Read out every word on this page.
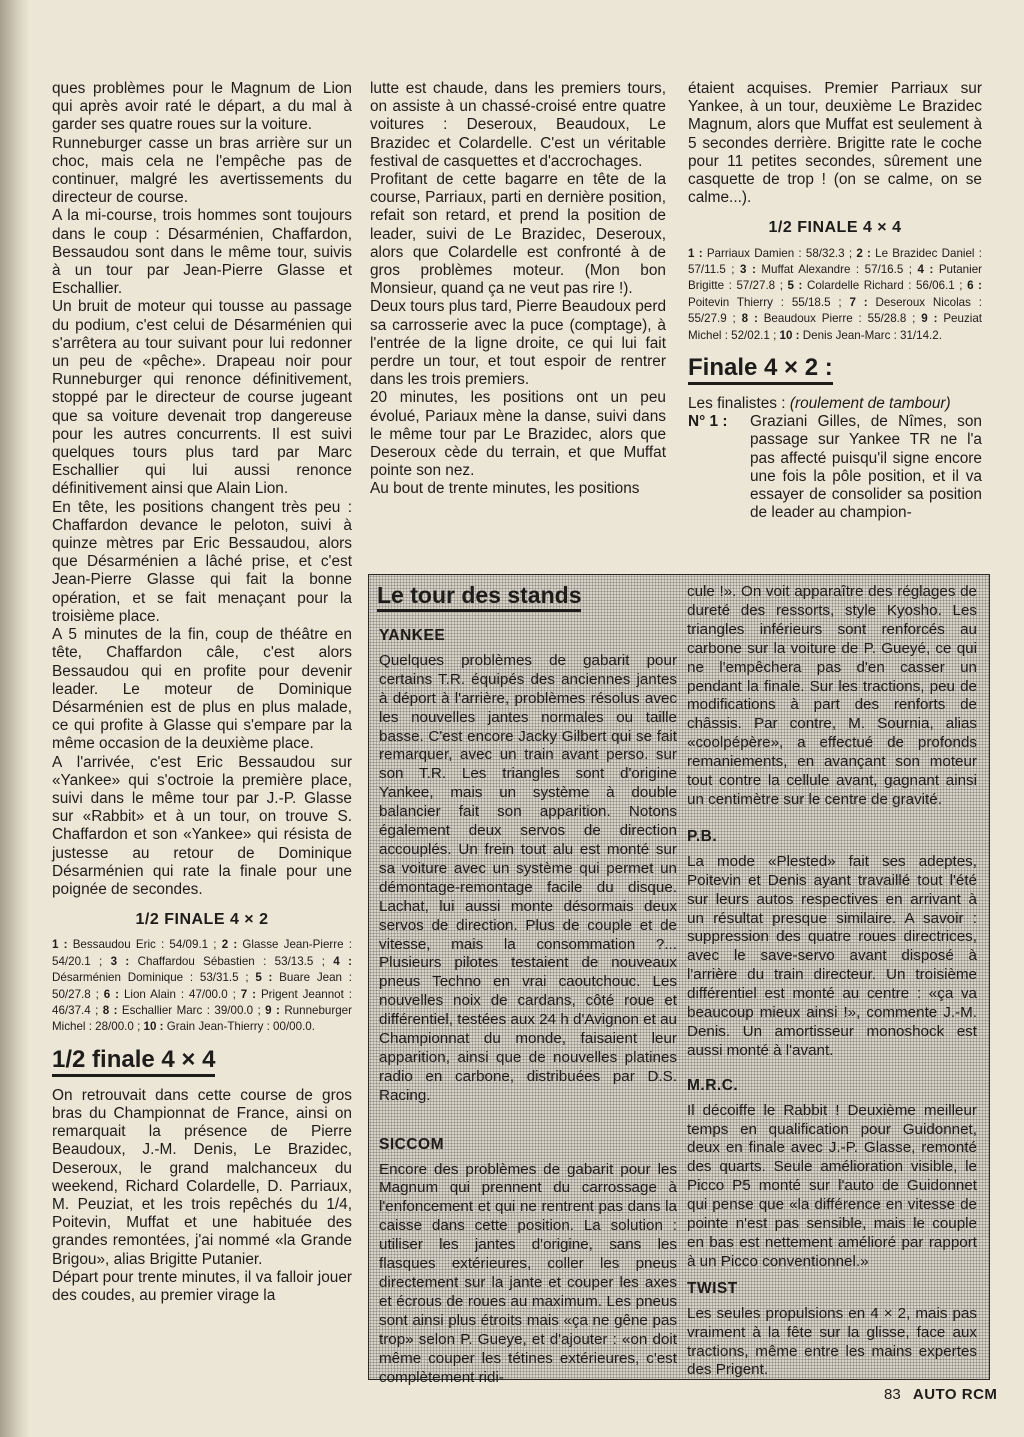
ques problèmes pour le Magnum de Lion qui après avoir raté le départ, a du mal à garder ses quatre roues sur la voiture.

Runneburger casse un bras arrière sur un choc, mais cela ne l'empêche pas de continuer, malgré les avertissements du directeur de course.

A la mi-course, trois hommes sont toujours dans le coup : Désarménien, Chaffardon, Bessaudou sont dans le même tour, suivis à un tour par Jean-Pierre Glasse et Eschallier.

Un bruit de moteur qui tousse au passage du podium, c'est celui de Désarménien qui s'arrêtera au tour suivant pour lui redonner un peu de «pêche». Drapeau noir pour Runneburger qui renonce définitivement, stoppé par le directeur de course jugeant que sa voiture devenait trop dangereuse pour les autres concurrents. Il est suivi quelques tours plus tard par Marc Eschallier qui lui aussi renonce définitivement ainsi que Alain Lion.

En tête, les positions changent très peu : Chaffardon devance le peloton, suivi à quinze mètres par Eric Bessaudou, alors que Désarménien a lâché prise, et c'est Jean-Pierre Glasse qui fait la bonne opération, et se fait menaçant pour la troisième place.

A 5 minutes de la fin, coup de théâtre en tête, Chaffardon câle, c'est alors Bessaudou qui en profite pour devenir leader. Le moteur de Dominique Désarménien est de plus en plus malade, ce qui profite à Glasse qui s'empare par la même occasion de la deuxième place.

A l'arrivée, c'est Eric Bessaudou sur «Yankee» qui s'octroie la première place, suivi dans le même tour par J.-P. Glasse sur «Rabbit» et à un tour, on trouve S. Chaffardon et son «Yankee» qui résista de justesse au retour de Dominique Désarménien qui rate la finale pour une poignée de secondes.

1/2 FINALE 4 × 2

1 : Bessaudou Eric : 54/09.1 ; 2 : Glasse Jean-Pierre : 54/20.1 ; 3 : Chaffardou Sébastien : 53/13.5 ; 4 : Désarménien Dominique : 53/31.5 ; 5 : Buare Jean : 50/27.8 ; 6 : Lion Alain : 47/00.0 ; 7 : Prigent Jeannot : 46/37.4 ; 8 : Eschallier Marc : 39/00.0 ; 9 : Runneburger Michel : 28/00.0 ; 10 : Grain Jean-Thierry : 00/00.0.

1/2 finale 4 × 4

On retrouvait dans cette course de gros bras du Championnat de France, ainsi on remarquait la présence de Pierre Beaudoux, J.-M. Denis, Le Brazidec, Deseroux, le grand malchanceux du weekend, Richard Colardelle, D. Parriaux, M. Peuziat, et les trois repêchés du 1/4, Poitevin, Muffat et une habituée des grandes remontées, j'ai nommé «la Grande Brigou», alias Brigitte Putanier.

Départ pour trente minutes, il va falloir jouer des coudes, au premier virage la

lutte est chaude, dans les premiers tours, on assiste à un chassé-croisé entre quatre voitures : Deseroux, Beaudoux, Le Brazidec et Colardelle. C'est un véritable festival de casquettes et d'accrochages.

Profitant de cette bagarre en tête de la course, Parriaux, parti en dernière position, refait son retard, et prend la position de leader, suivi de Le Brazidec, Deseroux, alors que Colardelle est confronté à de gros problèmes moteur. (Mon bon Monsieur, quand ça ne veut pas rire !).

Deux tours plus tard, Pierre Beaudoux perd sa carrosserie avec la puce (comptage), à l'entrée de la ligne droite, ce qui lui fait perdre un tour, et tout espoir de rentrer dans les trois premiers.

20 minutes, les positions ont un peu évolué, Pariaux mène la danse, suivi dans le même tour par Le Brazidec, alors que Deseroux cède du terrain, et que Muffat pointe son nez.

Au bout de trente minutes, les positions

étaient acquises. Premier Parriaux sur Yankee, à un tour, deuxième Le Brazidec Magnum, alors que Muffat est seulement à 5 secondes derrière. Brigitte rate le coche pour 11 petites secondes, sûrement une casquette de trop ! (on se calme, on se calme...).

1/2 FINALE 4 × 4

1 : Parriaux Damien : 58/32.3 ; 2 : Le Brazidec Daniel : 57/11.5 ; 3 : Muffat Alexandre : 57/16.5 ; 4 : Putanier Brigitte : 57/27.8 ; 5 : Colardelle Richard : 56/06.1 ; 6 : Poitevin Thierry : 55/18.5 ; 7 : Deseroux Nicolas : 55/27.9 ; 8 : Beaudoux Pierre : 55/28.8 ; 9 : Peuziat Michel : 52/02.1 ; 10 : Denis Jean-Marc : 31/14.2.

Finale 4 × 2 :

Les finalistes : (roulement de tambour)

N° 1 :	Graziani Gilles, de Nîmes, son passage sur Yankee TR ne l'a pas affecté puisqu'il signe encore une fois la pôle position, et il va essayer de consolider sa position de leader au champion-
Le tour des stands
YANKEE

Quelques problèmes de gabarit pour certains T.R. équipés des anciennes jantes à déport à l'arrière, problèmes résolus avec les nouvelles jantes normales ou taille basse. C'est encore Jacky Gilbert qui se fait remarquer, avec un train avant perso. sur son T.R. Les triangles sont d'origine Yankee, mais un système à double balancier fait son apparition. Notons également deux servos de direction accouplés. Un frein tout alu est monté sur sa voiture avec un système qui permet un démontage-remontage facile du disque. Lachat, lui aussi monte désormais deux servos de direction. Plus de couple et de vitesse, mais la consommation ?... Plusieurs pilotes testaient de nouveaux pneus Techno en vrai caoutchouc. Les nouvelles noix de cardans, côté roue et différentiel, testées aux 24 h d'Avignon et au Championnat du monde, faisaient leur apparition, ainsi que de nouvelles platines radio en carbone, distribuées par D.S. Racing.

SICCOM

Encore des problèmes de gabarit pour les Magnum qui prennent du carrossage à l'enfoncement et qui ne rentrent pas dans la caisse dans cette position. La solution : utiliser les jantes d'origine, sans les flasques extérieures, coller les pneus directement sur la jante et couper les axes et écrous de roues au maximum. Les pneus sont ainsi plus étroits mais «ça ne gêne pas trop» selon P. Gueye, et d'ajouter : «on doit même couper les tétines extérieures, c'est complètement ridi-

cule !». On voit apparaître des réglages de dureté des ressorts, style Kyosho. Les triangles inférieurs sont renforcés au carbone sur la voiture de P. Gueyé, ce qui ne l'empêchera pas d'en casser un pendant la finale. Sur les tractions, peu de modifications à part des renforts de châssis. Par contre, M. Sournia, alias «coolpépère», a effectué de profonds remaniements, en avançant son moteur tout contre la cellule avant, gagnant ainsi un centimètre sur le centre de gravité.

P.B.

La mode «Plested» fait ses adeptes, Poitevin et Denis ayant travaillé tout l'été sur leurs autos respectives en arrivant à un résultat presque similaire. A savoir : suppression des quatre roues directrices, avec le save-servo avant disposé à l'arrière du train directeur. Un troisième différentiel est monté au centre : «ça va beaucoup mieux ainsi !», commente J.-M. Denis. Un amortisseur monoshock est aussi monté à l'avant.

M.R.C.

Il décoiffe le Rabbit ! Deuxième meilleur temps en qualification pour Guidonnet, deux en finale avec J.-P. Glasse, remonté des quarts. Seule amélioration visible, le Picco P5 monté sur l'auto de Guidonnet qui pense que «la différence en vitesse de pointe n'est pas sensible, mais le couple en bas est nettement amélioré par rapport à un Picco conventionnel.»

TWIST

Les seules propulsions en 4 × 2, mais pas vraiment à la fête sur la glisse, face aux tractions, même entre les mains expertes des Prigent.

83 AUTO RCM
